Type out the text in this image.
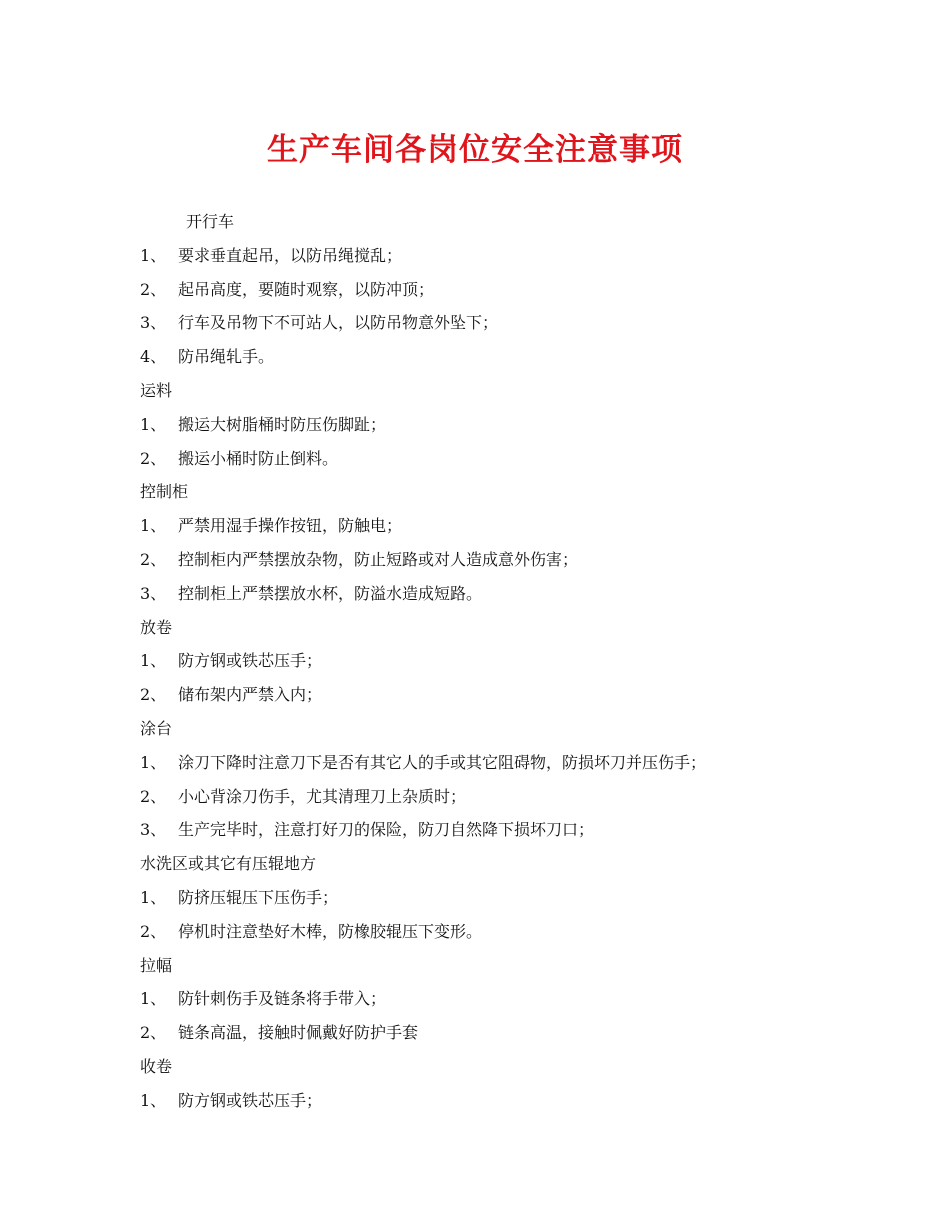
生产车间各岗位安全注意事项
开行车
1、 要求垂直起吊，以防吊绳搅乱；
2、 起吊高度，要随时观察，以防冲顶；
3、 行车及吊物下不可站人，以防吊物意外坠下；
4、 防吊绳轧手。
运料
1、 搬运大树脂桶时防压伤脚趾；
2、 搬运小桶时防止倒料。
控制柜
1、 严禁用湿手操作按钮，防触电；
2、 控制柜内严禁摆放杂物，防止短路或对人造成意外伤害；
3、 控制柜上严禁摆放水杯，防溢水造成短路。
放卷
1、 防方钢或铁芯压手；
2、 储布架内严禁入内；
涂台
1、 涂刀下降时注意刀下是否有其它人的手或其它阻碍物，防损坏刀并压伤手；
2、 小心背涂刀伤手，尤其清理刀上杂质时；
3、 生产完毕时，注意打好刀的保险，防刀自然降下损坏刀口；
水洗区或其它有压辊地方
1、 防挤压辊压下压伤手；
2、 停机时注意垫好木棒，防橡胶辊压下变形。
拉幅
1、 防针刺伤手及链条将手带入；
2、 链条高温，接触时佩戴好防护手套
收卷
1、 防方钢或铁芯压手；
